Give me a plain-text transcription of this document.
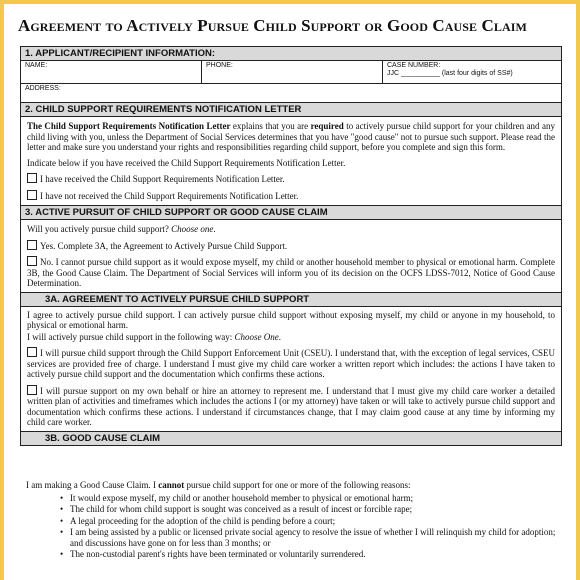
Agreement to Actively Pursue Child Support or Good Cause Claim
1. APPLICANT/RECIPIENT INFORMATION:
NAME:	PHONE:	CASE NUMBER:
JJC __________ (last four digits of SS#)
ADDRESS:
2. CHILD SUPPORT REQUIREMENTS NOTIFICATION LETTER

The Child Support Requirements Notification Letter explains that you are required to actively pursue child support for your children and any child living with you, unless the Department of Social Services determines that you have "good cause" not to pursue such support. Please read the letter and make sure you understand your rights and responsibilities regarding child support, before you complete and sign this form.

Indicate below if you have received the Child Support Requirements Notification Letter.

I have received the Child Support Requirements Notification Letter.

I have not received the Child Support Requirements Notification Letter.

3. ACTIVE PURSUIT OF CHILD SUPPORT OR GOOD CAUSE CLAIM

Will you actively pursue child support? Choose one.

Yes. Complete 3A, the Agreement to Actively Pursue Child Support.

No. I cannot pursue child support as it would expose myself, my child or another household member to physical or emotional harm. Complete 3B, the Good Cause Claim. The Department of Social Services will inform you of its decision on the OCFS LDSS-7012, Notice of Good Cause Determination.

3A. AGREEMENT TO ACTIVELY PURSUE CHILD SUPPORT

I agree to actively pursue child support. I can actively pursue child support without exposing myself, my child or anyone in my household, to physical or emotional harm.

I will actively pursue child support in the following way: Choose One.

I will pursue child support through the Child Support Enforcement Unit (CSEU). I understand that, with the exception of legal services, CSEU services are provided free of charge. I understand I must give my child care worker a written report which includes: the actions I have taken to actively pursue child support and the documentation which confirms these actions.

I will pursue support on my own behalf or hire an attorney to represent me. I understand that I must give my child care worker a detailed written plan of activities and timeframes which includes the actions I (or my attorney) have taken or will take to actively pursue child support and documentation which confirms these actions. I understand if circumstances change, that I may claim good cause at any time by informing my child care worker.

3B. GOOD CAUSE CLAIM
I am making a Good Cause Claim. I cannot pursue child support for one or more of the following reasons:
• It would expose myself, my child or another household member to physical or emotional harm;
• The child for whom child support is sought was conceived as a result of incest or forcible rape;
• A legal proceeding for the adoption of the child is pending before a court;
• I am being assisted by a public or licensed private social agency to resolve the issue of whether I will relinquish my child for adoption; and discussions have gone on for less than 3 months; or
• The non-custodial parent's rights have been terminated or voluntarily surrendered.
